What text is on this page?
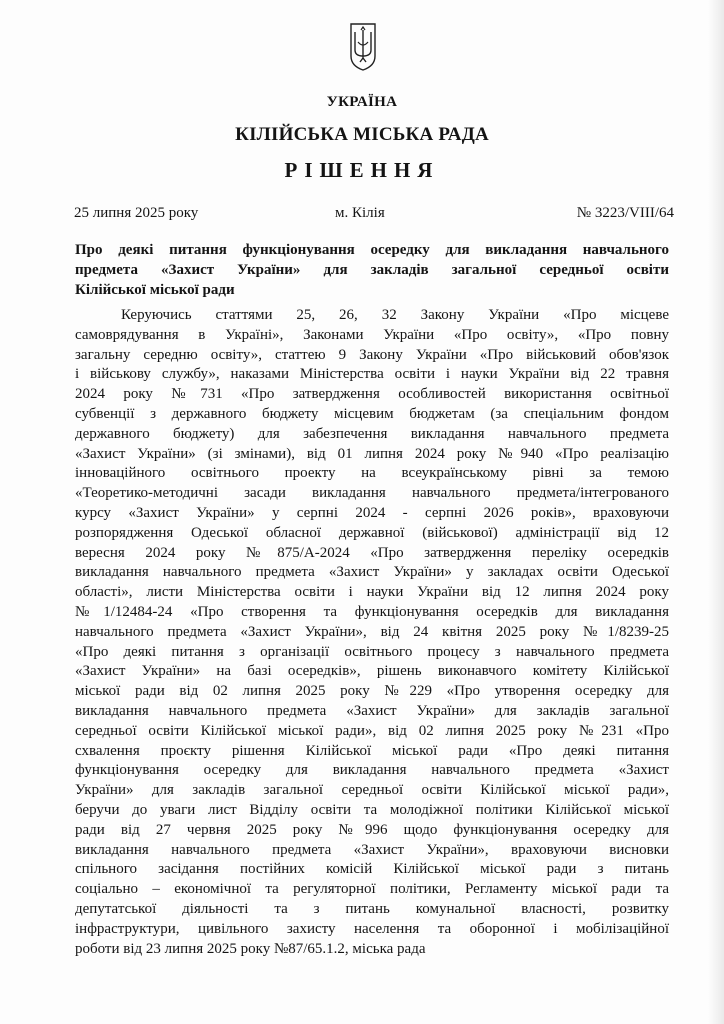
УКРАЇНА
КІЛІЙСЬКА МІСЬКА РАДА
РІШЕННЯ
25 липня 2025 року	м. Кілія	№ 3223/VIII/64
Про деякі питання функціонування осередку для викладання навчального
предмета «Захист України» для закладів загальної середньої освіти
Кілійської міської ради
Керуючись статтями 25, 26, 32 Закону України «Про місцеве
самоврядування в Україні», Законами України «Про освіту», «Про повну
загальну середню освіту», статтею 9 Закону України «Про військовий обов'язок
і військову службу», наказами Міністерства освіти і науки України від 22 травня
2024 року №731 «Про затвердження особливостей використання освітньої
субвенції з державного бюджету місцевим бюджетам (за спеціальним фондом
державного бюджету) для забезпечення викладання навчального предмета
«Захист України» (зі змінами), від 01 липня 2024 року №940 «Про реалізацію
інноваційного освітнього проекту на всеукраїнському рівні за темою
«Теоретико-методичні засади викладання навчального предмета/інтегрованого
курсу «Захист України» у серпні 2024 - серпні 2026 років», враховуючи
розпорядження Одеської обласної державної (військової) адміністрації від 12
вересня 2024 року №875/А-2024 «Про затвердження переліку осередків
викладання навчального предмета «Захист України» у закладах освіти Одеської
області», листи Міністерства освіти і науки України від 12 липня 2024 року
№1/12484-24 «Про створення та функціонування осередків для викладання
навчального предмета «Захист України», від 24 квітня 2025 року №1/8239-25
«Про деякі питання з організації освітнього процесу з навчального предмета
«Захист України» на базі осередків», рішень виконавчого комітету Кілійської
міської ради від 02 липня 2025 року №229 «Про утворення осередку для
викладання навчального предмета «Захист України» для закладів загальної
середньої освіти Кілійської міської ради», від 02 липня 2025 року №231 «Про
схвалення проєкту рішення Кілійської міської ради «Про деякі питання
функціонування осередку для викладання навчального предмета «Захист
України» для закладів загальної середньої освіти Кілійської міської ради»,
беручи до уваги лист Відділу освіти та молодіжної політики Кілійської міської
ради від 27 червня 2025 року №996 щодо функціонування осередку для
викладання навчального предмета «Захист України», враховуючи висновки
спільного засідання постійних комісій Кілійської міської ради з питань
соціально – економічної та регуляторної політики, Регламенту міської ради та
депутатської діяльності та з питань комунальної власності, розвитку
інфраструктури, цивільного захисту населення та оборонної і мобілізаційної
роботи від 23 липня 2025 року №87/65.1.2, міська рада
